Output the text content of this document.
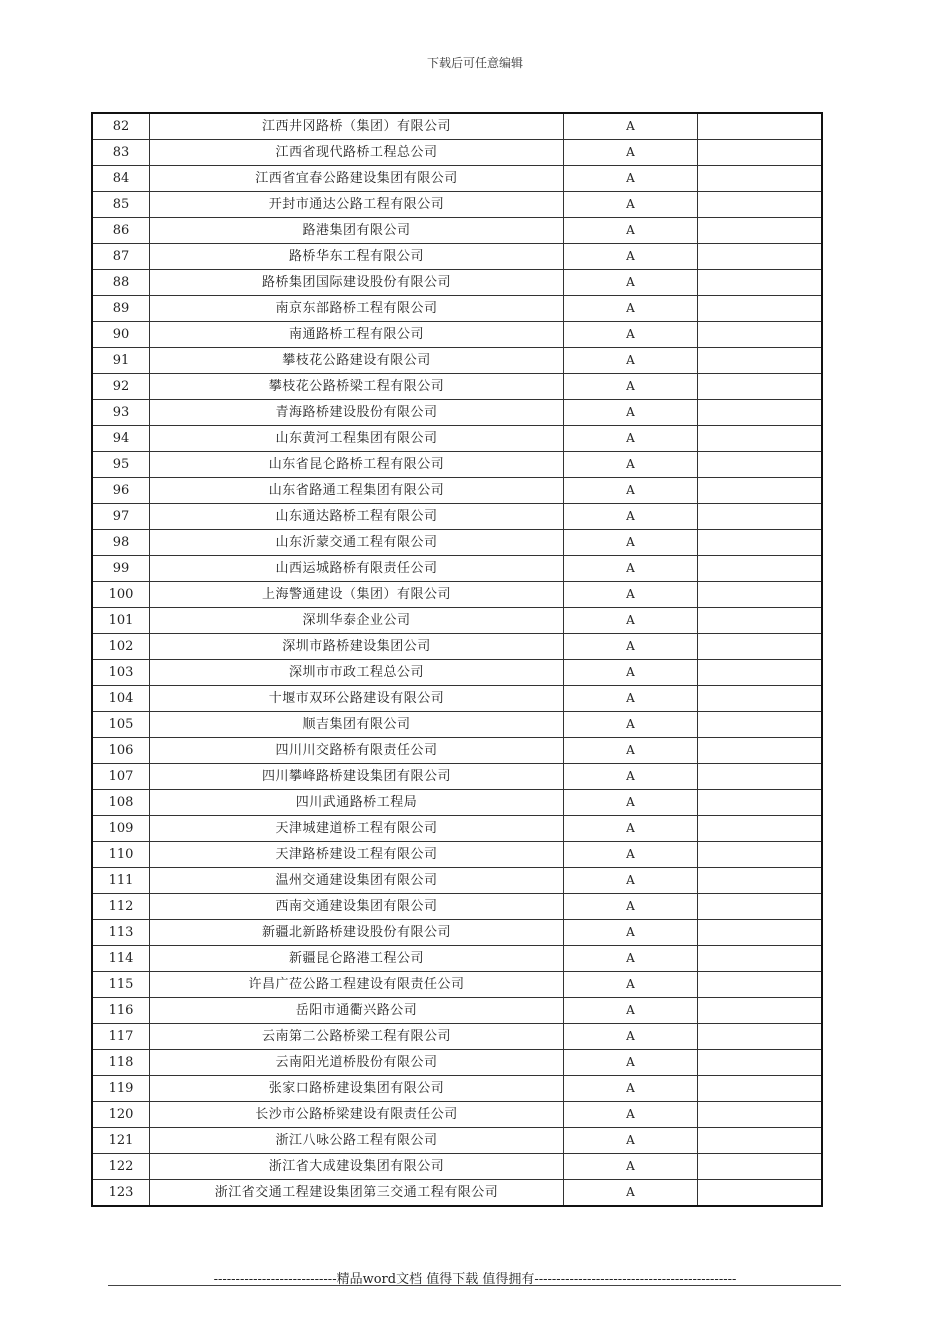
下载后可任意编辑
82	江西井冈路桥（集团）有限公司	A	
83	江西省现代路桥工程总公司	A	
84	江西省宜春公路建设集团有限公司	A	
85	开封市通达公路工程有限公司	A	
86	路港集团有限公司	A	
87	路桥华东工程有限公司	A	
88	路桥集团国际建设股份有限公司	A	
89	南京东部路桥工程有限公司	A	
90	南通路桥工程有限公司	A	
91	攀枝花公路建设有限公司	A	
92	攀枝花公路桥梁工程有限公司	A	
93	青海路桥建设股份有限公司	A	
94	山东黄河工程集团有限公司	A	
95	山东省昆仑路桥工程有限公司	A	
96	山东省路通工程集团有限公司	A	
97	山东通达路桥工程有限公司	A	
98	山东沂蒙交通工程有限公司	A	
99	山西运城路桥有限责任公司	A	
100	上海警通建设（集团）有限公司	A	
101	深圳华泰企业公司	A	
102	深圳市路桥建设集团公司	A	
103	深圳市市政工程总公司	A	
104	十堰市双环公路建设有限公司	A	
105	顺吉集团有限公司	A	
106	四川川交路桥有限责任公司	A	
107	四川攀峰路桥建设集团有限公司	A	
108	四川武通路桥工程局	A	
109	天津城建道桥工程有限公司	A	
110	天津路桥建设工程有限公司	A	
111	温州交通建设集团有限公司	A	
112	西南交通建设集团有限公司	A	
113	新疆北新路桥建设股份有限公司	A	
114	新疆昆仑路港工程公司	A	
115	许昌广莅公路工程建设有限责任公司	A	
116	岳阳市通衢兴路公司	A	
117	云南第二公路桥梁工程有限公司	A	
118	云南阳光道桥股份有限公司	A	
119	张家口路桥建设集团有限公司	A	
120	长沙市公路桥梁建设有限责任公司	A	
121	浙江八咏公路工程有限公司	A	
122	浙江省大成建设集团有限公司	A	
123	浙江省交通工程建设集团第三交通工程有限公司	A	
----------------------------精品word文档 值得下载 值得拥有----------------------------------------------
